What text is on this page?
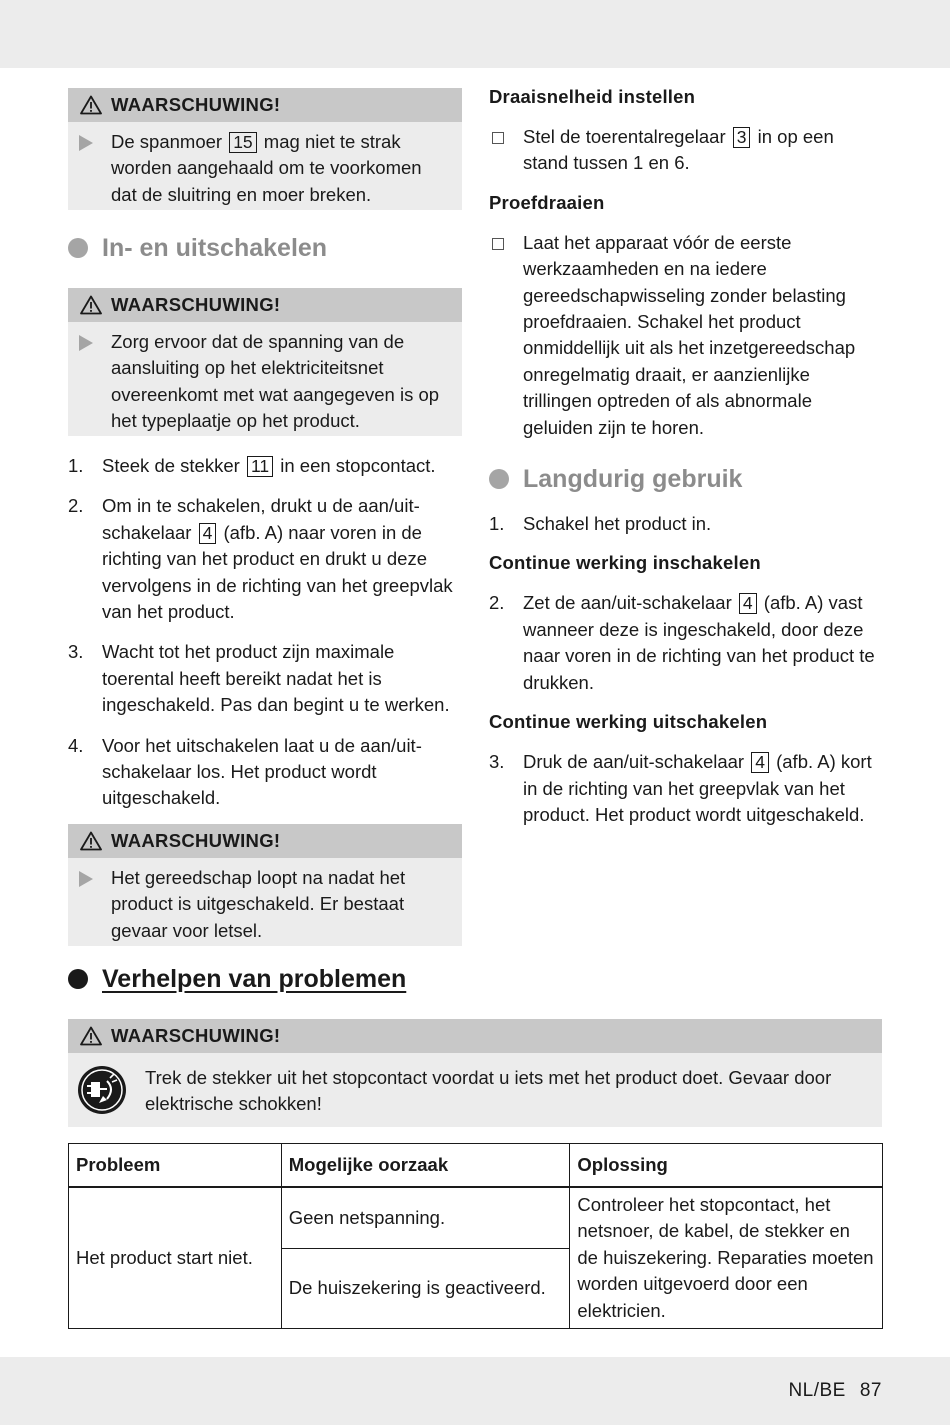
WAARSCHUWING!
De spanmoer 15 mag niet te strak worden aangehaald om te voorkomen dat de sluitring en moer breken.
In- en uitschakelen
WAARSCHUWING!
Zorg ervoor dat de spanning van de aansluiting op het elektriciteitsnet overeenkomt met wat aangegeven is op het typeplaatje op het product.
1. Steek de stekker 11 in een stopcontact.
2. Om in te schakelen, drukt u de aan/uit-schakelaar 4 (afb. A) naar voren in de richting van het product en drukt u deze vervolgens in de richting van het greepvlak van het product.
3. Wacht tot het product zijn maximale toerental heeft bereikt nadat het is ingeschakeld. Pas dan begint u te werken.
4. Voor het uitschakelen laat u de aan/uit-schakelaar los. Het product wordt uitgeschakeld.
WAARSCHUWING!
Het gereedschap loopt na nadat het product is uitgeschakeld. Er bestaat gevaar voor letsel.
Draaisnelheid instellen
Stel de toerentalregelaar 3 in op een stand tussen 1 en 6.
Proefdraaien
Laat het apparaat vóór de eerste werkzaamheden en na iedere gereedschapwisseling zonder belasting proefdraaien. Schakel het product onmiddellijk uit als het inzetgereedschap onregelmatig draait, er aanzienlijke trillingen optreden of als abnormale geluiden zijn te horen.
Langdurig gebruik
1. Schakel het product in.
Continue werking inschakelen
2. Zet de aan/uit-schakelaar 4 (afb. A) vast wanneer deze is ingeschakeld, door deze naar voren in de richting van het product te drukken.
Continue werking uitschakelen
3. Druk de aan/uit-schakelaar 4 (afb. A) kort in de richting van het greepvlak van het product. Het product wordt uitgeschakeld.
Verhelpen van problemen
WAARSCHUWING!
Trek de stekker uit het stopcontact voordat u iets met het product doet. Gevaar door elektrische schokken!
Probleem	Mogelijke oorzaak	Oplossing
Het product start niet.	Geen netspanning.	Controleer het stopcontact, het netsnoer, de kabel, de stekker en de huiszekering. Reparaties moeten worden uitgevoerd door een elektricien.
	De huiszekering is geactiveerd.	
NL/BE 87
